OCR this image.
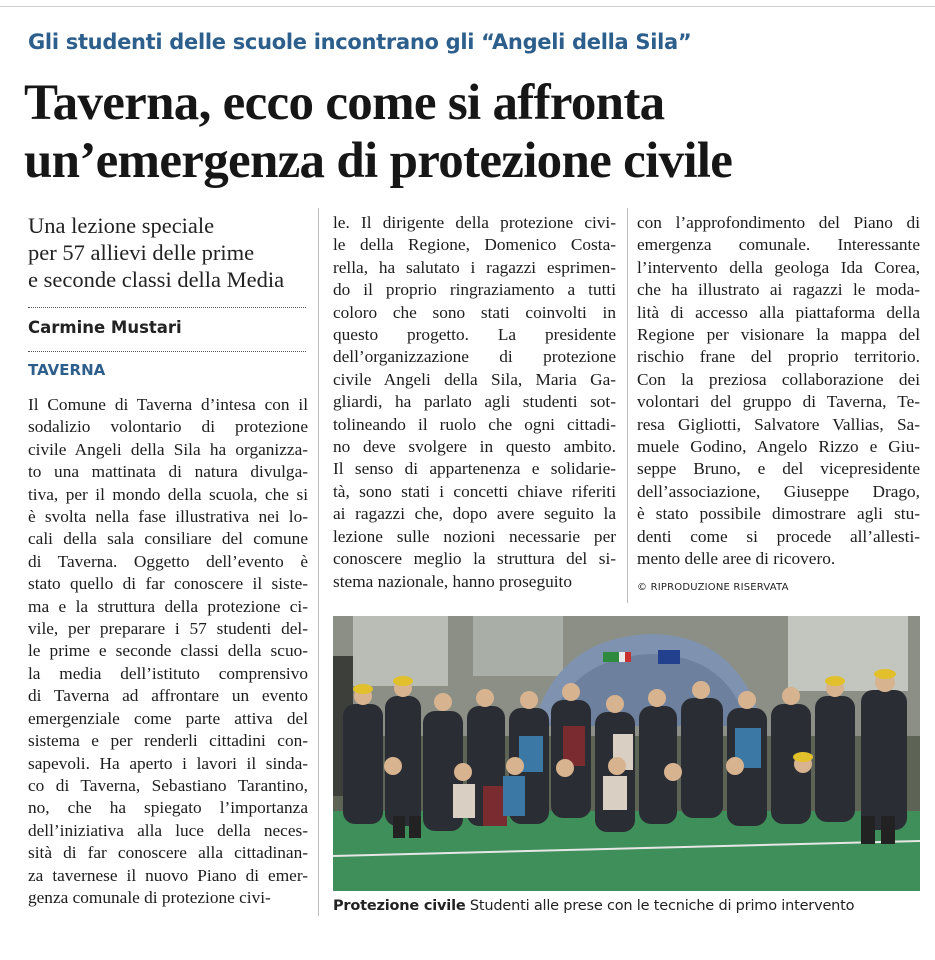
Gli studenti delle scuole incontrano gli “Angeli della Sila”
Taverna, ecco come si affronta
un’emergenza di protezione civile
Una lezione speciale
per 57 allievi delle prime
e seconde classi della Media
Carmine Mustari
TAVERNA
Il Comune di Taverna d’intesa con il
sodalizio volontario di protezione
civile Angeli della Sila ha organizza-
to una mattinata di natura divulga-
tiva, per il mondo della scuola, che si
è svolta nella fase illustrativa nei lo-
cali della sala consiliare del comune
di Taverna. Oggetto dell’evento è
stato quello di far conoscere il siste-
ma e la struttura della protezione ci-
vile, per preparare i 57 studenti del-
le prime e seconde classi della scuo-
la media dell’istituto comprensivo
di Taverna ad affrontare un evento
emergenziale come parte attiva del
sistema e per renderli cittadini con-
sapevoli. Ha aperto i lavori il sinda-
co di Taverna, Sebastiano Tarantino,
no, che ha spiegato l’importanza
dell’iniziativa alla luce della neces-
sità di far conoscere alla cittadinan-
za tavernese il nuovo Piano di emer-
genza comunale di protezione civi-
le. Il dirigente della protezione civi-
le della Regione, Domenico Costa-
rella, ha salutato i ragazzi esprimen-
do il proprio ringraziamento a tutti
coloro che sono stati coinvolti in
questo progetto. La presidente
dell’organizzazione di protezione
civile Angeli della Sila, Maria Ga-
gliardi, ha parlato agli studenti sot-
tolineando il ruolo che ogni cittadi-
no deve svolgere in questo ambito.
Il senso di appartenenza e solidarie-
tà, sono stati i concetti chiave riferiti
ai ragazzi che, dopo avere seguito la
lezione sulle nozioni necessarie per
conoscere meglio la struttura del si-
stema nazionale, hanno proseguito
con l’approfondimento del Piano di
emergenza comunale. Interessante
l’intervento della geologa Ida Corea,
che ha illustrato ai ragazzi le moda-
lità di accesso alla piattaforma della
Regione per visionare la mappa del
rischio frane del proprio territorio.
Con la preziosa collaborazione dei
volontari del gruppo di Taverna, Te-
resa Gigliotti, Salvatore Vallias, Sa-
muele Godino, Angelo Rizzo e Giu-
seppe Bruno, e del vicepresidente
dell’associazione, Giuseppe Drago,
è stato possibile dimostrare agli stu-
denti come si procede all’allesti-
mento delle aree di ricovero.
© RIPRODUZIONE RISERVATA
Protezione civile Studenti alle prese con le tecniche di primo intervento
